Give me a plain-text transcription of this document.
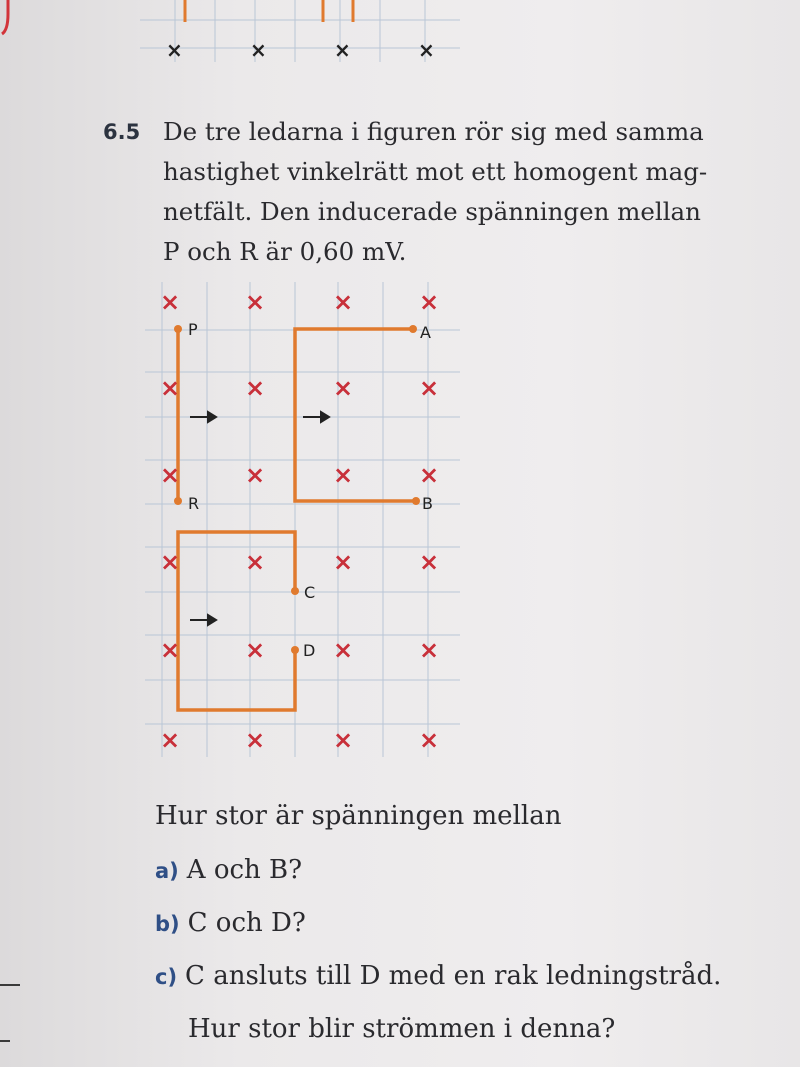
×	×	×	×
6.5 De tre ledarna i figuren rör sig med samma
hastighet vinkelrätt mot ett homogent mag-
netfält. Den inducerade spänningen mellan
P och R är 0,60 mV.
×	×	×	×
×	×	×	×
×	×	×	×
×	×	×	×
×	×	×	×
×	×	×	×
P
R
A
B
C
D
Hur stor är spänningen mellan
a) A och B?
b) C och D?
c) C ansluts till D med en rak ledningstråd.
Hur stor blir strömmen i denna?
